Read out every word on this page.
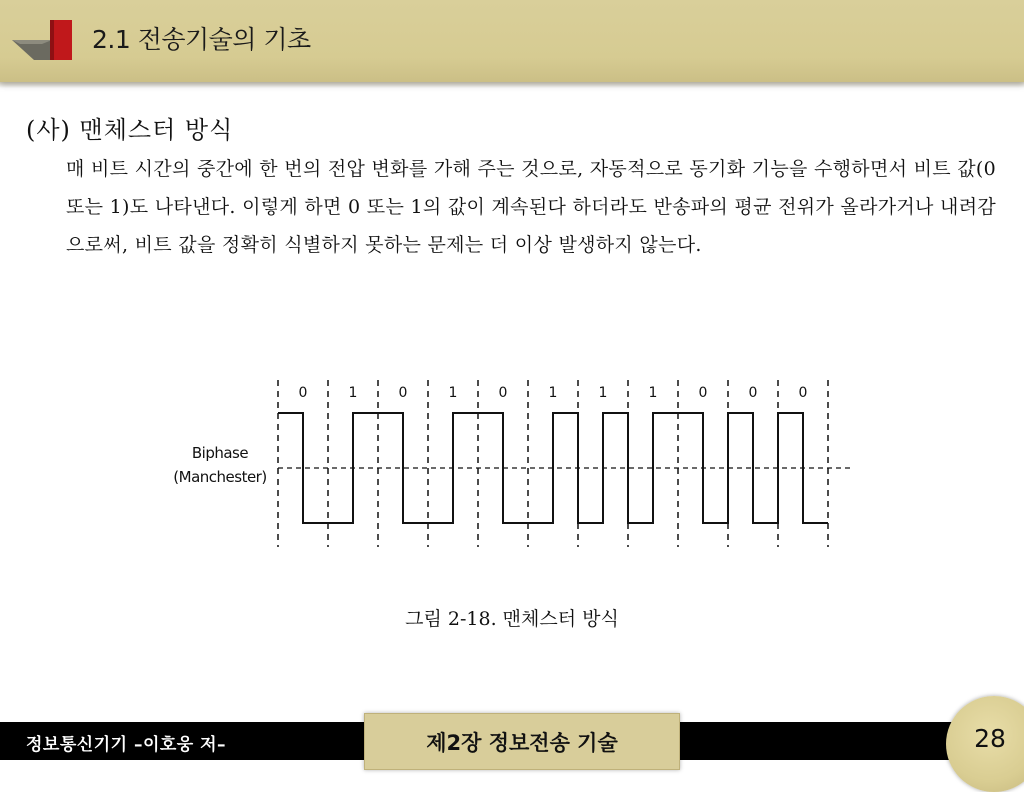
2.1 전송기술의 기초
(사) 맨체스터 방식
매 비트 시간의 중간에 한 번의 전압 변화를 가해 주는 것으로, 자동적으로 동기화 기능을 수행하면서 비트 값(0 또는 1)도 나타낸다. 이렇게 하면 0 또는 1의 값이 계속된다 하더라도 반송파의 평균 전위가 올라가거나 내려감으로써, 비트 값을 정확히 식별하지 못하는 문제는 더 이상 발생하지 않는다.
0	1	0	1	0	1	1	1	0	0	0
Biphase
(Manchester)
그림 2-18. 맨체스터 방식
정보통신기기 –이호웅 저–	제2장 정보전송 기술	28
